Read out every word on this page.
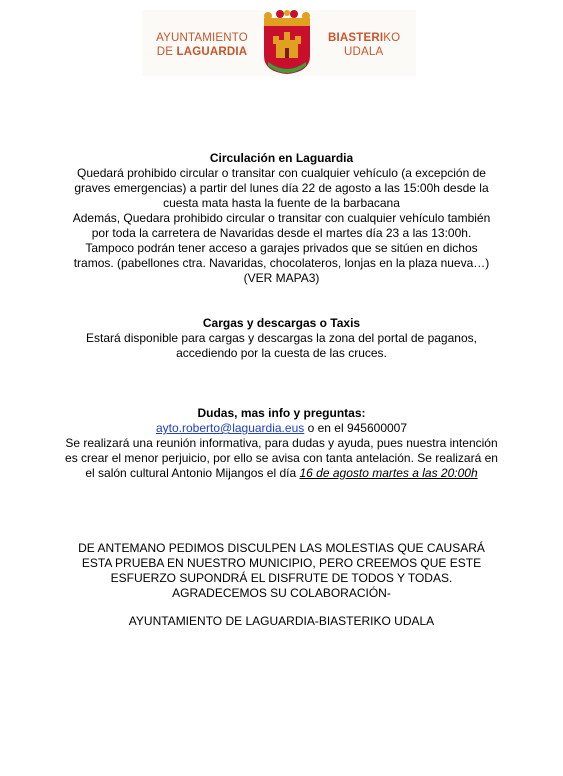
AYUNTAMIENTO
DE LAGUARDIA
BIASTERIKO
UDALA

Circulación en Laguardia

Quedará prohibido circular o transitar con cualquier vehículo (a excepción de

graves emergencias) a partir del lunes día 22 de agosto a las 15:00h desde la

cuesta mata hasta la fuente de la barbacana

Además, Quedara prohibido circular o transitar con cualquier vehículo también

por toda la carretera de Navaridas desde el martes día 23 a las 13:00h.

Tampoco podrán tener acceso a garajes privados que se sitúen en dichos

tramos. (pabellones ctra. Navaridas, chocolateros, lonjas en la plaza nueva…)

(VER MAPA3)

Cargas y descargas o Taxis

Estará disponible para cargas y descargas la zona del portal de paganos,

accediendo por la cuesta de las cruces.

Dudas, mas info y preguntas:

ayto.roberto@laguardia.eus o en el 945600007

Se realizará una reunión informativa, para dudas y ayuda, pues nuestra intención

es crear el menor perjuicio, por ello se avisa con tanta antelación. Se realizará en

el salón cultural Antonio Mijangos el día 16 de agosto martes a las 20:00h

DE ANTEMANO PEDIMOS DISCULPEN LAS MOLESTIAS QUE CAUSARÁ

ESTA PRUEBA EN NUESTRO MUNICIPIO, PERO CREEMOS QUE ESTE

ESFUERZO SUPONDRÁ EL DISFRUTE DE TODOS Y TODAS.

AGRADECEMOS SU COLABORACIÓN-

AYUNTAMIENTO DE LAGUARDIA-BIASTERIKO UDALA
